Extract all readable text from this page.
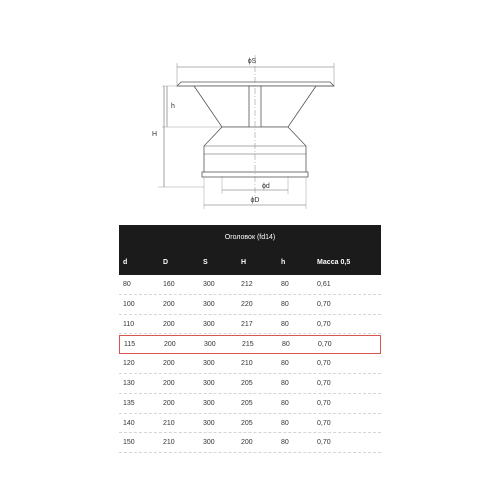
ϕS
h
H
ϕd
ϕD
Оголовок (fd14)
d	D	S	H	h	Масса 0,5
80	160	300	212	80	0,61
100	200	300	220	80	0,70
110	200	300	217	80	0,70
115	200	300	215	80	0,70
120	200	300	210	80	0,70
130	200	300	205	80	0,70
135	200	300	205	80	0,70
140	210	300	205	80	0,70
150	210	300	200	80	0,70
